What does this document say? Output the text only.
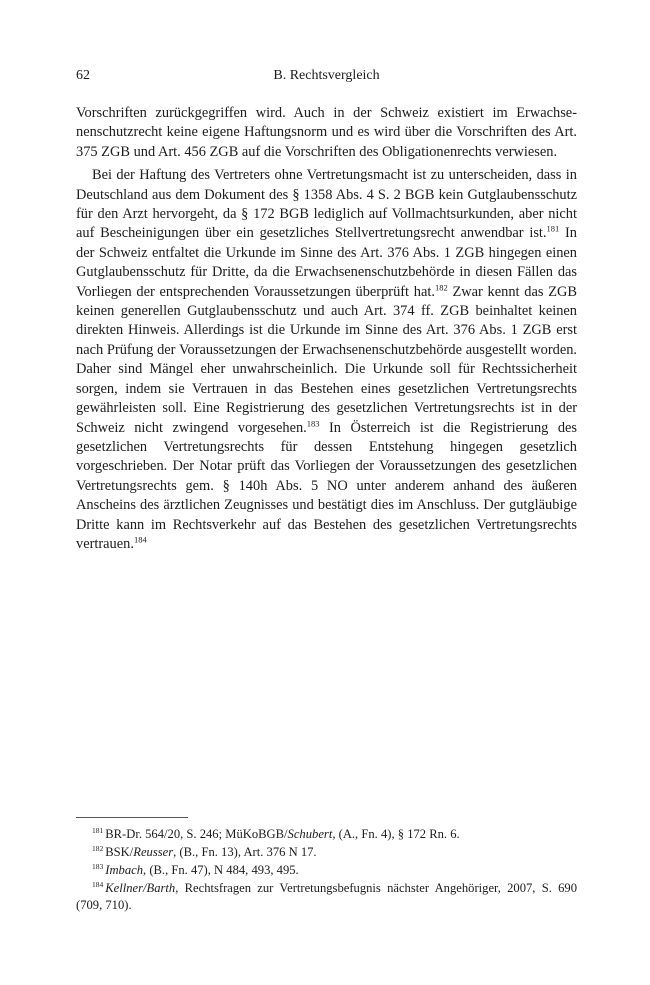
62	B. Rechtsvergleich

Vorschriften zurückgegriffen wird. Auch in der Schweiz existiert im Erwachsenenschutzrecht keine eigene Haftungsnorm und es wird über die Vorschriften des Art. 375 ZGB und Art. 456 ZGB auf die Vorschriften des Obligationenrechts verwiesen.

Bei der Haftung des Vertreters ohne Vertretungsmacht ist zu unterscheiden, dass in Deutschland aus dem Dokument des § 1358 Abs. 4 S. 2 BGB kein Gutglaubensschutz für den Arzt hervorgeht, da § 172 BGB lediglich auf Vollmachtsurkunden, aber nicht auf Bescheinigungen über ein gesetzliches Stellvertretungsrecht anwendbar ist.$^{181}$ In der Schweiz entfaltet die Urkunde im Sinne des Art. 376 Abs. 1 ZGB hingegen einen Gutglaubensschutz für Dritte, da die Erwachsenenschutzbehörde in diesen Fällen das Vorliegen der entsprechenden Voraussetzungen überprüft hat.$^{182}$ Zwar kennt das ZGB keinen generellen Gutglaubensschutz und auch Art. 374 ff. ZGB beinhaltet keinen direkten Hinweis. Allerdings ist die Urkunde im Sinne des Art. 376 Abs. 1 ZGB erst nach Prüfung der Voraussetzungen der Erwachsenenschutzbehörde ausgestellt worden. Daher sind Mängel eher unwahrscheinlich. Die Urkunde soll für Rechtssicherheit sorgen, indem sie Vertrauen in das Bestehen eines gesetzlichen Vertretungsrechts gewährleisten soll. Eine Registrierung des gesetzlichen Vertretungsrechts ist in der Schweiz nicht zwingend vorgesehen.$^{183}$ In Österreich ist die Registrierung des gesetzlichen Vertretungsrechts für dessen Entstehung hingegen gesetzlich vorgeschrieben. Der Notar prüft das Vorliegen der Voraussetzungen des gesetzlichen Vertretungsrechts gem. § 140h Abs. 5 NO unter anderem anhand des äußeren Anscheins des ärztlichen Zeugnisses und bestätigt dies im Anschluss. Der gutgläubige Dritte kann im Rechtsverkehr auf das Bestehen des gesetzlichen Vertretungsrechts vertrauen.$^{184}$

$^{181}$ BR-Dr. 564/20, S. 246; MüKoBGB/Schubert, (A., Fn. 4), § 172 Rn. 6.

$^{182}$ BSK/Reusser, (B., Fn. 13), Art. 376 N 17.

$^{183}$ Imbach, (B., Fn. 47), N 484, 493, 495.

$^{184}$ Kellner/Barth, Rechtsfragen zur Vertretungsbefugnis nächster Angehöriger, 2007, S. 690 (709, 710).
